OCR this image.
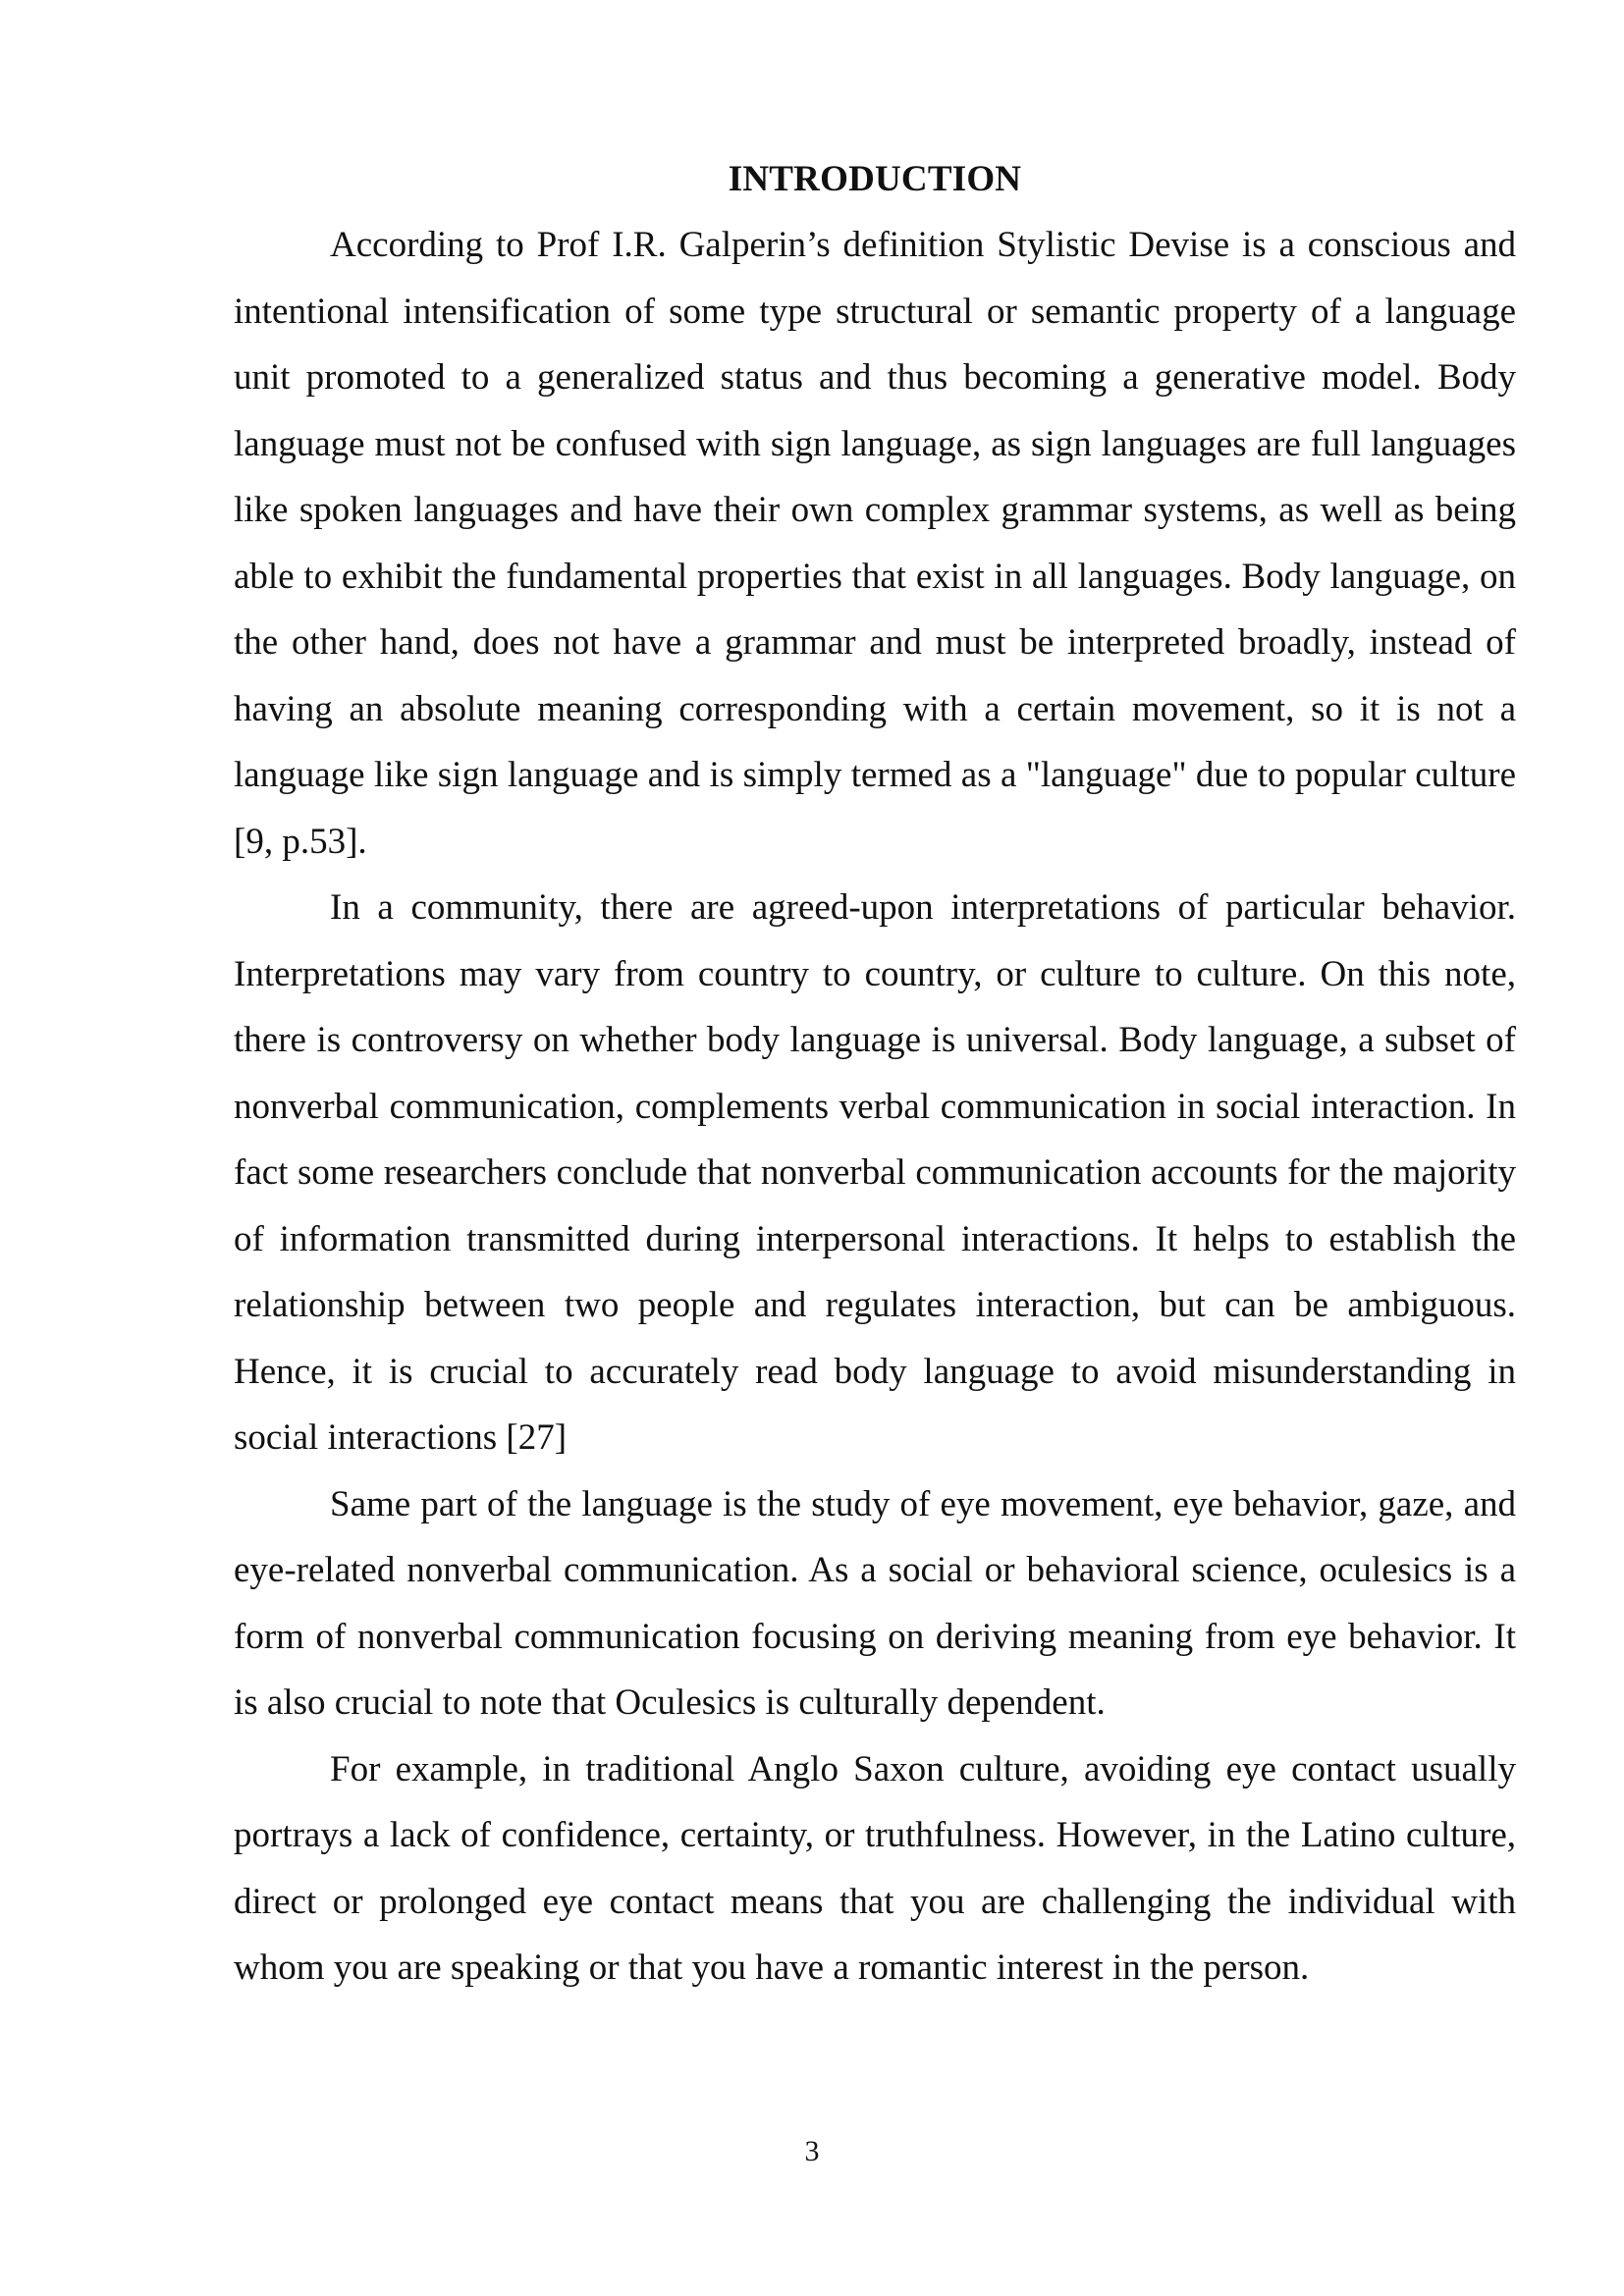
INTRODUCTION

According to Prof I.R. Galperin’s definition Stylistic Devise is a conscious and intentional intensification of some type structural or semantic property of a language unit promoted to a generalized status and thus becoming a generative model. Body language must not be confused with sign language, as sign languages are full languages like spoken languages and have their own complex grammar systems, as well as being able to exhibit the fundamental properties that exist in all languages. Body language, on the other hand, does not have a grammar and must be interpreted broadly, instead of having an absolute meaning corresponding with a certain movement, so it is not a language like sign language and is simply termed as a "language" due to popular culture [9, p.53].

In a community, there are agreed-upon interpretations of particular behavior. Interpretations may vary from country to country, or culture to culture. On this note, there is controversy on whether body language is universal. Body language, a subset of nonverbal communication, complements verbal communication in social interaction. In fact some researchers conclude that nonverbal communication accounts for the majority of information transmitted during interpersonal interactions. It helps to establish the relationship between two people and regulates interaction, but can be ambiguous. Hence, it is crucial to accurately read body language to avoid misunderstanding in social interactions [27]

Same part of the language is the study of eye movement, eye behavior, gaze, and eye-related nonverbal communication. As a social or behavioral science, oculesics is a form of nonverbal communication focusing on deriving meaning from eye behavior. It is also crucial to note that Oculesics is culturally dependent.

For example, in traditional Anglo Saxon culture, avoiding eye contact usually portrays a lack of confidence, certainty, or truthfulness. However, in the Latino culture, direct or prolonged eye contact means that you are challenging the individual with whom you are speaking or that you have a romantic interest in the person.

3
